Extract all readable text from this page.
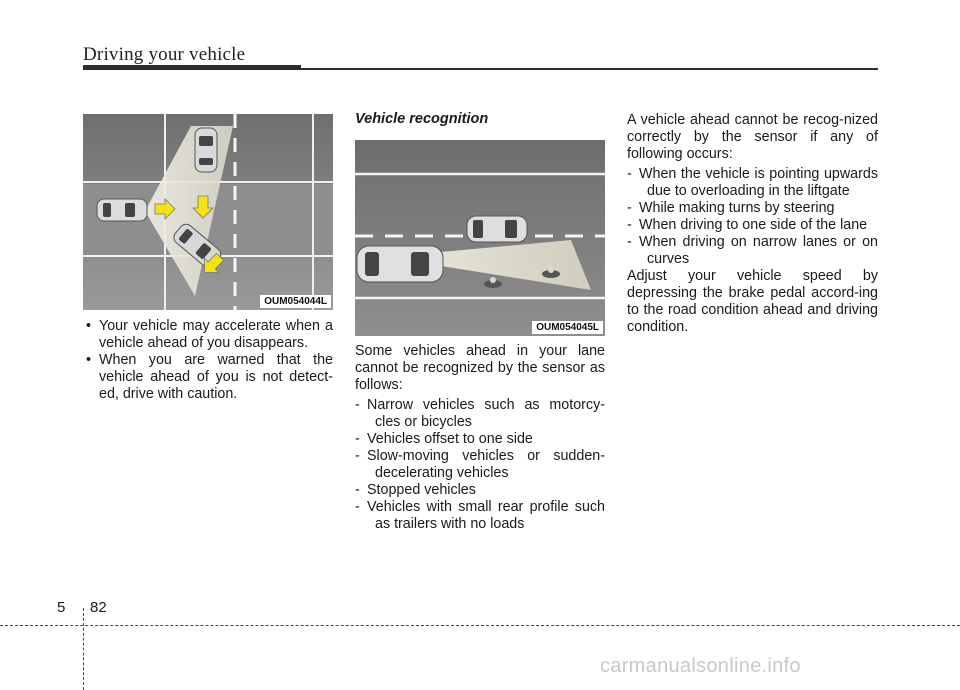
Driving your vehicle
OUM054044L
OUM054045L

• Your vehicle may accelerate when a vehicle ahead of you disappears.

• When you are warned that the vehicle ahead of you is not detect-ed, drive with caution.

Vehicle recognition

Some vehicles ahead in your lane cannot be recognized by the sensor as follows:

- Narrow vehicles such as motorcy-cles or bicycles

- Vehicles offset to one side

- Slow-moving vehicles or sudden-decelerating vehicles

- Stopped vehicles

- Vehicles with small rear profile such as trailers with no loads

A vehicle ahead cannot be recog-nized correctly by the sensor if any of following occurs:

- When the vehicle is pointing upwards due to overloading in the liftgate

- While making turns by steering

- When driving to one side of the lane

- When driving on narrow lanes or on curves

Adjust your vehicle speed by depressing the brake pedal accord-ing to the road condition ahead and driving condition.

5 82
carmanualsonline.info
